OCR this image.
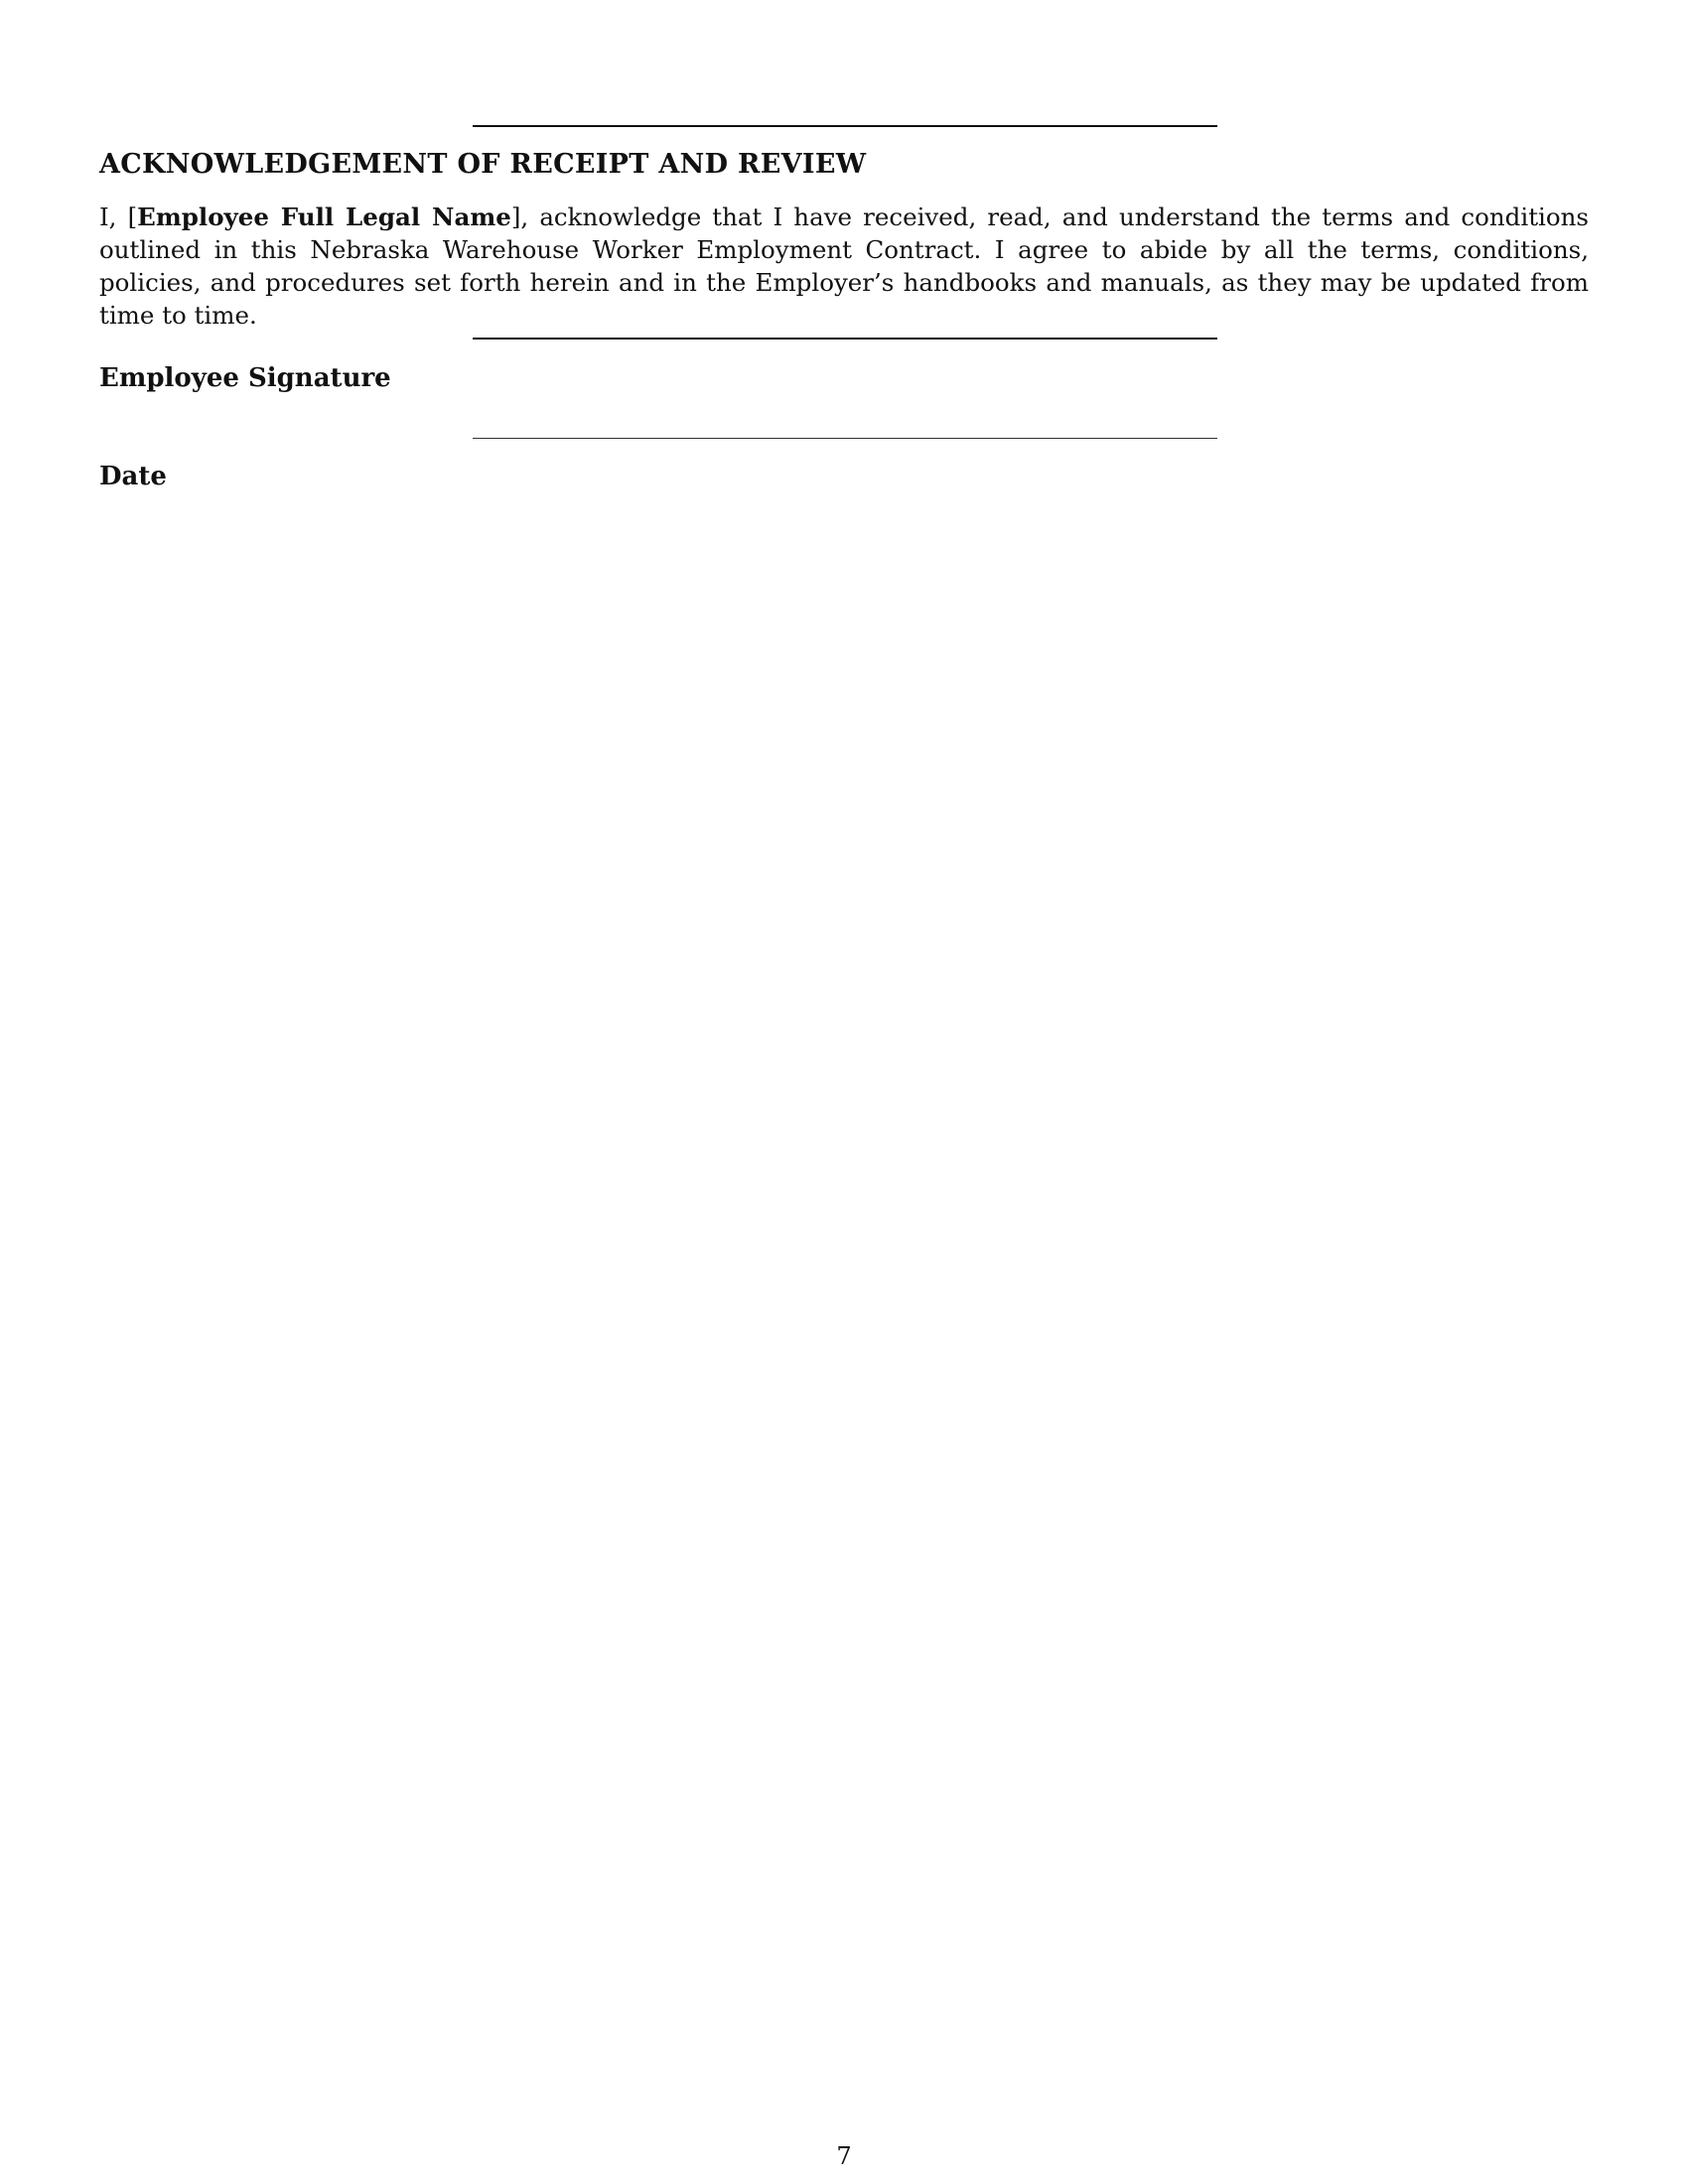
ACKNOWLEDGEMENT OF RECEIPT AND REVIEW

I, [Employee Full Legal Name], acknowledge that I have received, read, and understand the terms and conditions outlined in this Nebraska Warehouse Worker Employment Contract. I agree to abide by all the terms, conditions, policies, and procedures set forth herein and in the Employer’s handbooks and manuals, as they may be updated from time to time.

Employee Signature
Date
7
